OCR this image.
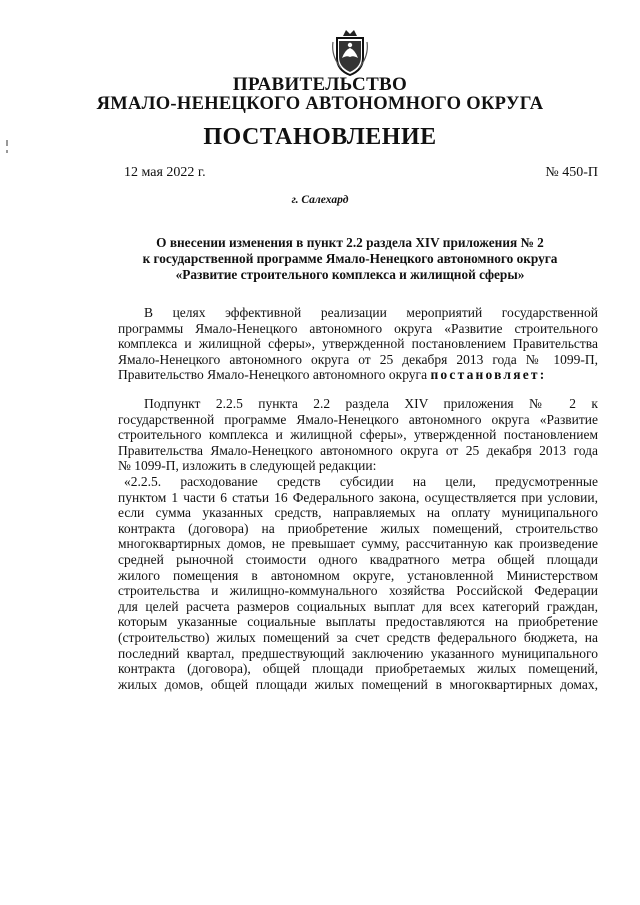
ПРАВИТЕЛЬСТВО
ЯМАЛО-НЕНЕЦКОГО АВТОНОМНОГО ОКРУГА
ПОСТАНОВЛЕНИЕ
12 мая 2022 г.	№ 450-П
г. Салехард
О внесении изменения в пункт 2.2 раздела XIV приложения № 2
к государственной программе Ямало-Ненецкого автономного округа
«Развитие строительного комплекса и жилищной сферы»
В целях эффективной реализации мероприятий государственной
программы Ямало-Ненецкого автономного округа «Развитие строительного
комплекса и жилищной сферы», утвержденной постановлением Правительства
Ямало-Ненецкого автономного округа от 25 декабря 2013 года № 1099-П,
Правительство Ямало-Ненецкого автономного округа постановляет:
Подпункт 2.2.5 пункта 2.2 раздела XIV приложения № 2 к
государственной программе Ямало-Ненецкого автономного округа «Развитие
строительного комплекса и жилищной сферы», утвержденной постановлением
Правительства Ямало-Ненецкого автономного округа от 25 декабря 2013 года
№ 1099-П, изложить в следующей редакции:
«2.2.5. расходование средств субсидии на цели, предусмотренные
пунктом 1 части 6 статьи 16 Федерального закона, осуществляется при условии,
если сумма указанных средств, направляемых на оплату муниципального
контракта (договора) на приобретение жилых помещений, строительство
многоквартирных домов, не превышает сумму, рассчитанную как произведение
средней рыночной стоимости одного квадратного метра общей площади
жилого помещения в автономном округе, установленной Министерством
строительства и жилищно-коммунального хозяйства Российской Федерации
для целей расчета размеров социальных выплат для всех категорий граждан,
которым указанные социальные выплаты предоставляются на приобретение
(строительство) жилых помещений за счет средств федерального бюджета, на
последний квартал, предшествующий заключению указанного муниципального
контракта (договора), общей площади приобретаемых жилых помещений,
жилых домов, общей площади жилых помещений в многоквартирных домах,
